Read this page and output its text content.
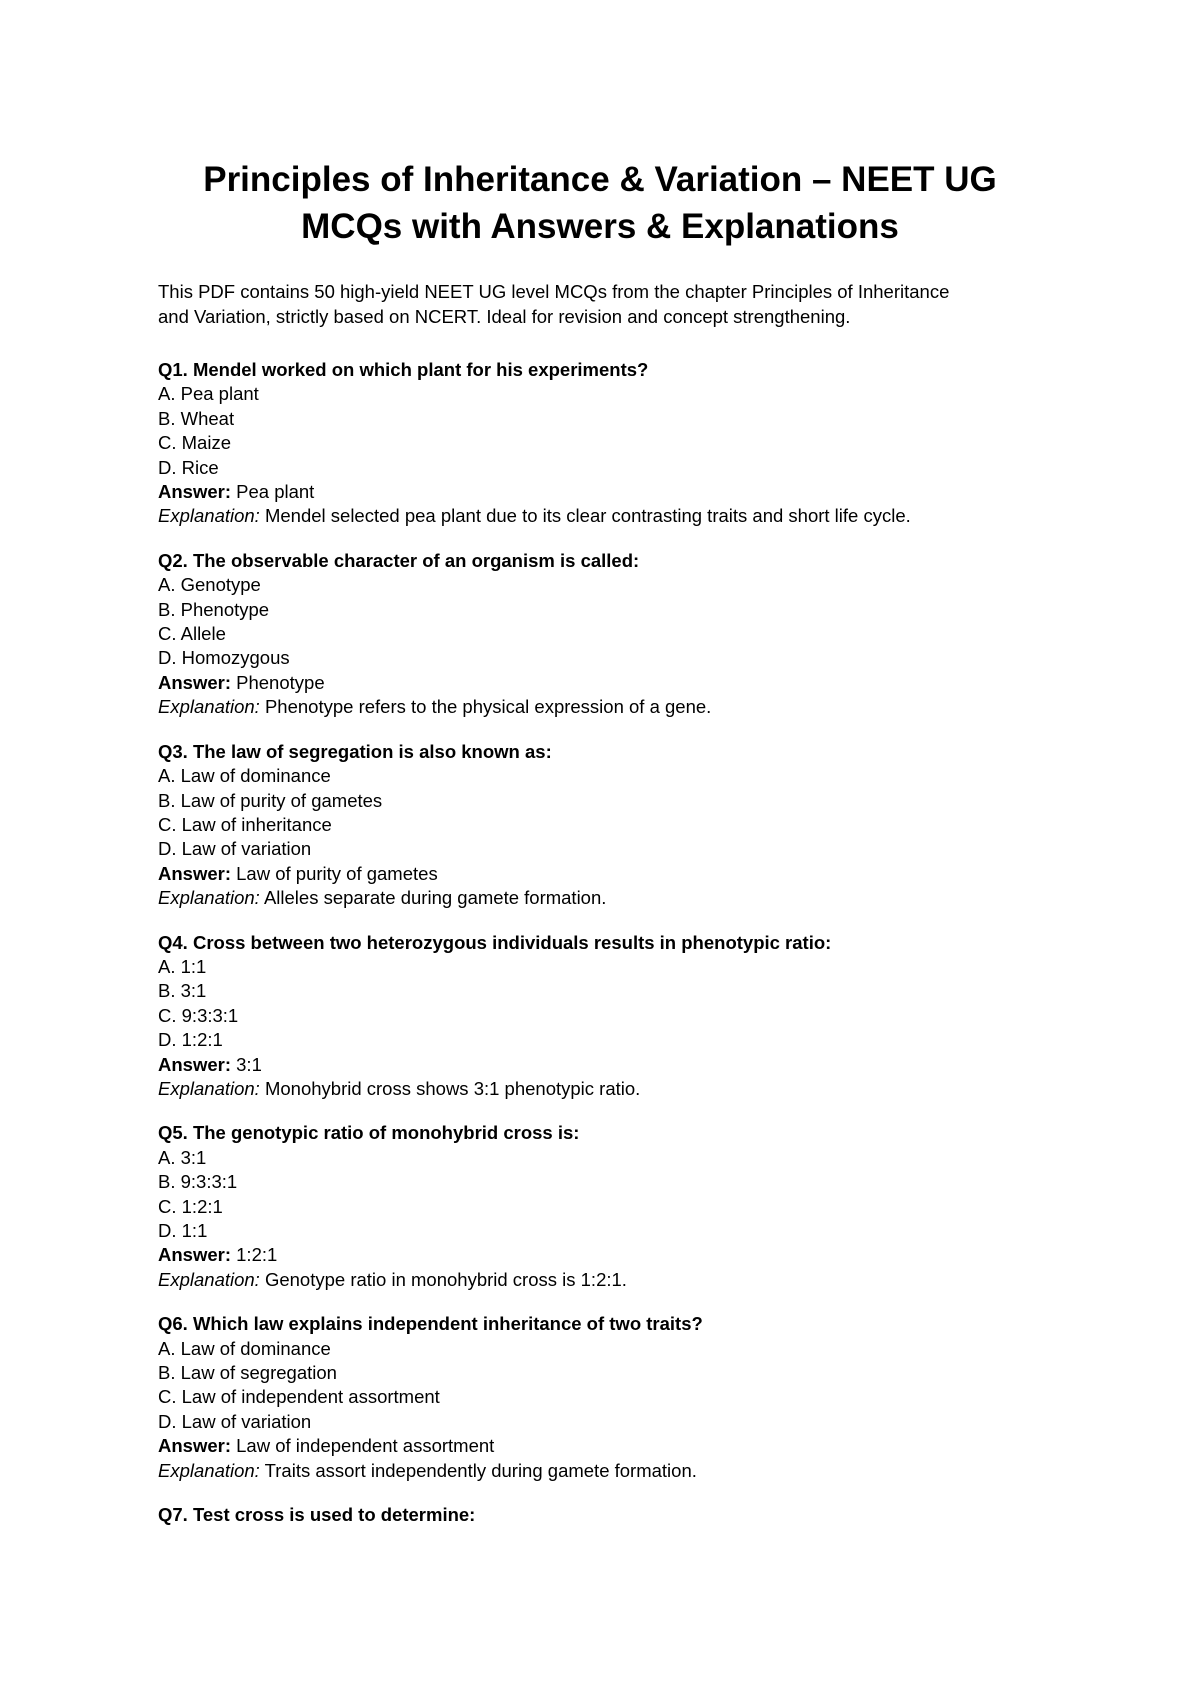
Principles of Inheritance & Variation – NEET UG
MCQs with Answers & Explanations

This PDF contains 50 high-yield NEET UG level MCQs from the chapter Principles of Inheritance
and Variation, strictly based on NCERT. Ideal for revision and concept strengthening.

Q1. Mendel worked on which plant for his experiments?
A. Pea plant
B. Wheat
C. Maize
D. Rice
Answer: Pea plant
Explanation: Mendel selected pea plant due to its clear contrasting traits and short life cycle.
Q2. The observable character of an organism is called:
A. Genotype
B. Phenotype
C. Allele
D. Homozygous
Answer: Phenotype
Explanation: Phenotype refers to the physical expression of a gene.
Q3. The law of segregation is also known as:
A. Law of dominance
B. Law of purity of gametes
C. Law of inheritance
D. Law of variation
Answer: Law of purity of gametes
Explanation: Alleles separate during gamete formation.
Q4. Cross between two heterozygous individuals results in phenotypic ratio:
A. 1:1
B. 3:1
C. 9:3:3:1
D. 1:2:1
Answer: 3:1
Explanation: Monohybrid cross shows 3:1 phenotypic ratio.
Q5. The genotypic ratio of monohybrid cross is:
A. 3:1
B. 9:3:3:1
C. 1:2:1
D. 1:1
Answer: 1:2:1
Explanation: Genotype ratio in monohybrid cross is 1:2:1.
Q6. Which law explains independent inheritance of two traits?
A. Law of dominance
B. Law of segregation
C. Law of independent assortment
D. Law of variation
Answer: Law of independent assortment
Explanation: Traits assort independently during gamete formation.
Q7. Test cross is used to determine:
